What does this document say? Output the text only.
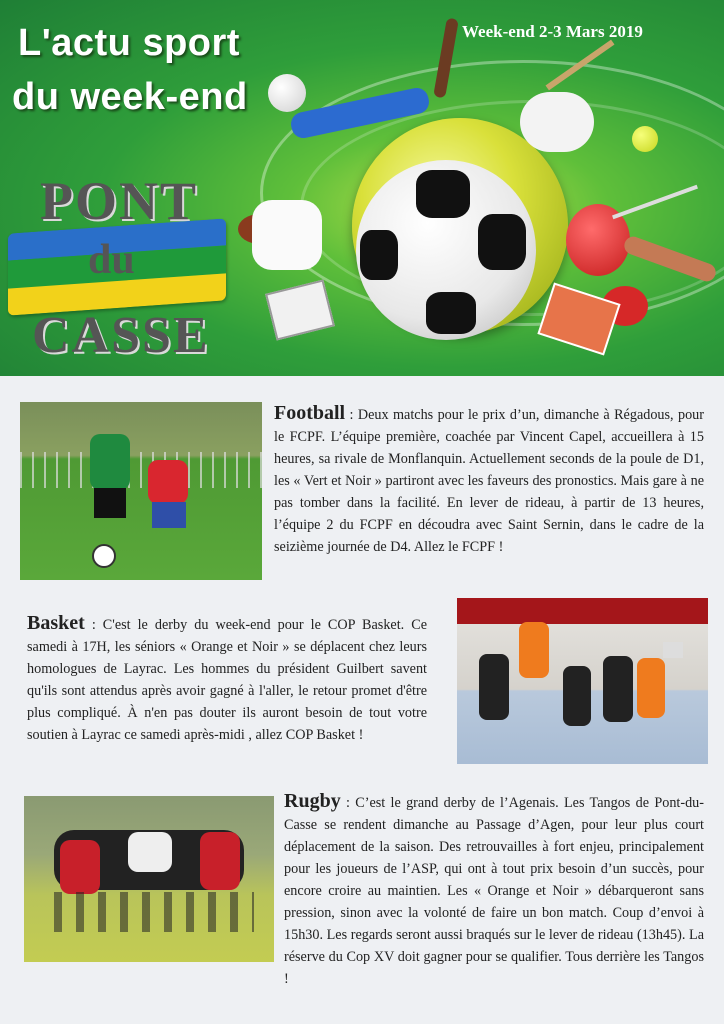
L'actu sport
du week-end
Week-end 2-3 Mars 2019
PONT
du
CASSE
Football : Deux matchs pour le prix d’un, dimanche à Régadous, pour le FCPF. L’équipe première, coachée par Vincent Capel, accueillera à 15 heures, sa rivale de Monflanquin. Actuellement seconds de la poule de D1, les « Vert et Noir » partiront avec les faveurs des pronostics. Mais gare à ne pas tomber dans la facilité. En lever de rideau, à partir de 13 heures, l’équipe 2 du FCPF en découdra avec Saint Sernin, dans le cadre de la seizième journée de D4. Allez le FCPF !
Basket : C'est le derby du week-end pour le COP Basket. Ce samedi à 17H, les séniors « Orange et Noir » se déplacent chez leurs homologues de Layrac. Les hommes du président Guilbert savent qu'ils sont attendus après avoir gagné à l'aller, le retour promet d'être plus compliqué. À n'en pas douter ils auront besoin de tout votre soutien à Layrac ce samedi après-midi , allez COP Basket !
Rugby : C’est le grand derby de l’Agenais. Les Tangos de Pont-du-Casse se rendent dimanche au Passage d’Agen, pour leur plus court déplacement de la saison. Des retrouvailles à fort enjeu, principalement pour les joueurs de l’ASP, qui ont à tout prix besoin d’un succès, pour encore croire au maintien. Les « Orange et Noir » débarqueront sans pression, sinon avec la volonté de faire un bon match. Coup d’envoi à 15h30. Les regards seront aussi braqués sur le lever de rideau (13h45). La réserve du Cop XV doit gagner pour se qualifier. Tous derrière les Tangos !
